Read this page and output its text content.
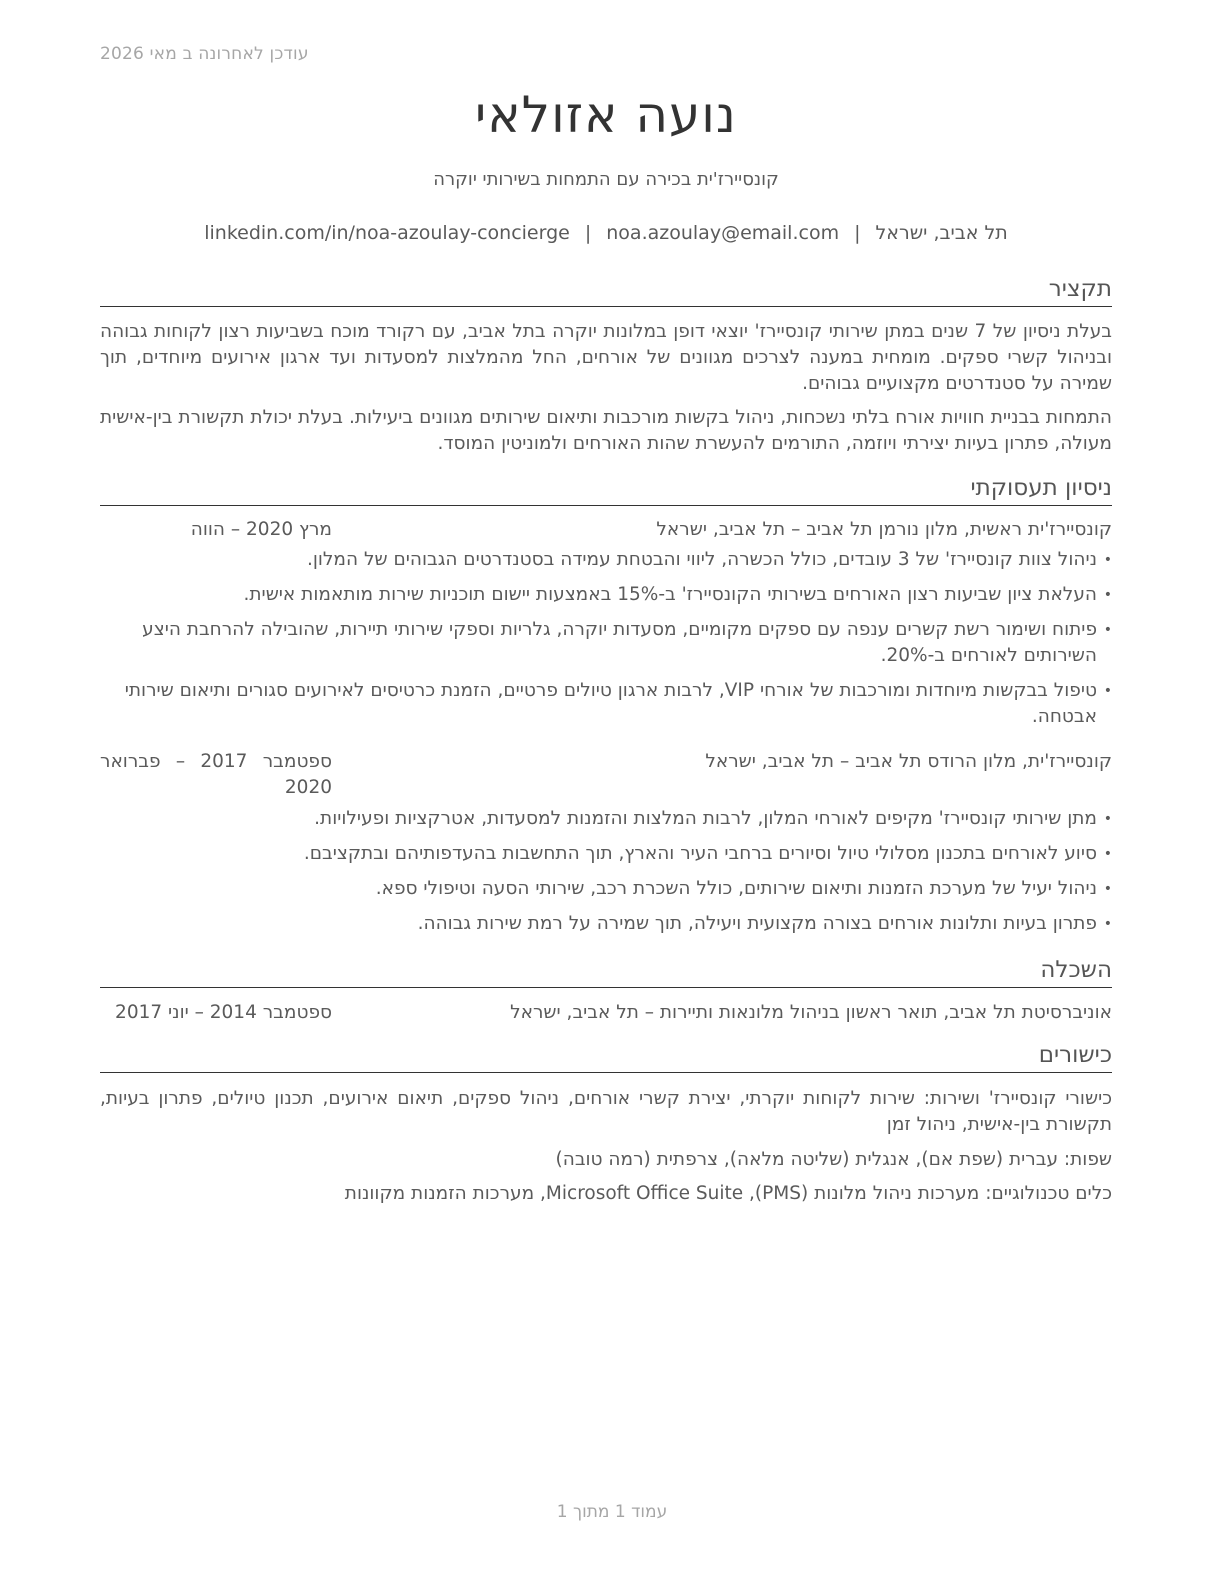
עודכן לאחרונה ב מאי 2026
נועה אזולאי
קונסיירז'ית בכירה עם התמחות בשירותי יוקרה
תל אביב, ישראל|noa.azoulay@email.com|linkedin.com/in/noa-azoulay-concierge
תקציר

בעלת ניסיון של 7 שנים במתן שירותי קונסיירז' יוצאי דופן במלונות יוקרה בתל אביב, עם רקורד מוכח בשביעות רצון לקוחות גבוהה ובניהול קשרי ספקים. מומחית במענה לצרכים מגוונים של אורחים, החל מהמלצות למסעדות ועד ארגון אירועים מיוחדים, תוך שמירה על סטנדרטים מקצועיים גבוהים.

התמחות בבניית חוויות אורח בלתי נשכחות, ניהול בקשות מורכבות ותיאום שירותים מגוונים ביעילות. בעלת יכולת תקשורת בין-אישית מעולה, פתרון בעיות יצירתי ויוזמה, התורמים להעשרת שהות האורחים ולמוניטין המוסד.

ניסיון תעסוקתי
קונסיירז'ית ראשית, מלון נורמן תל אביב – תל אביב, ישראל
מרץ 2020 – הווה
• ניהול צוות קונסיירז' של 3 עובדים, כולל הכשרה, ליווי והבטחת עמידה בסטנדרטים הגבוהים של המלון.
• העלאת ציון שביעות רצון האורחים בשירותי הקונסיירז' ב-15% באמצעות יישום תוכניות שירות מותאמות אישית.
• פיתוח ושימור רשת קשרים ענפה עם ספקים מקומיים, מסעדות יוקרה, גלריות וספקי שירותי תיירות, שהובילה להרחבת היצע השירותים לאורחים ב-20%.
• טיפול בבקשות מיוחדות ומורכבות של אורחי VIP, לרבות ארגון טיולים פרטיים, הזמנת כרטיסים לאירועים סגורים ותיאום שירותי אבטחה.
קונסיירז'ית, מלון הרודס תל אביב – תל אביב, ישראל
ספטמבר 2017 – פברואר 2020
• מתן שירותי קונסיירז' מקיפים לאורחי המלון, לרבות המלצות והזמנות למסעדות, אטרקציות ופעילויות.
• סיוע לאורחים בתכנון מסלולי טיול וסיורים ברחבי העיר והארץ, תוך התחשבות בהעדפותיהם ובתקציבם.
• ניהול יעיל של מערכת הזמנות ותיאום שירותים, כולל השכרת רכב, שירותי הסעה וטיפולי ספא.
• פתרון בעיות ותלונות אורחים בצורה מקצועית ויעילה, תוך שמירה על רמת שירות גבוהה.
השכלה
אוניברסיטת תל אביב, תואר ראשון בניהול מלונאות ותיירות – תל אביב, ישראל
ספטמבר 2014 – יוני 2017
כישורים

כישורי קונסיירז' ושירות: שירות לקוחות יוקרתי, יצירת קשרי אורחים, ניהול ספקים, תיאום אירועים, תכנון טיולים, פתרון בעיות, תקשורת בין-אישית, ניהול זמן

שפות: עברית (שפת אם), אנגלית (שליטה מלאה), צרפתית (רמה טובה)

כלים טכנולוגיים: מערכות ניהול מלונות (PMS), Microsoft Office Suite, מערכות הזמנות מקוונות

עמוד 1 מתוך 1
